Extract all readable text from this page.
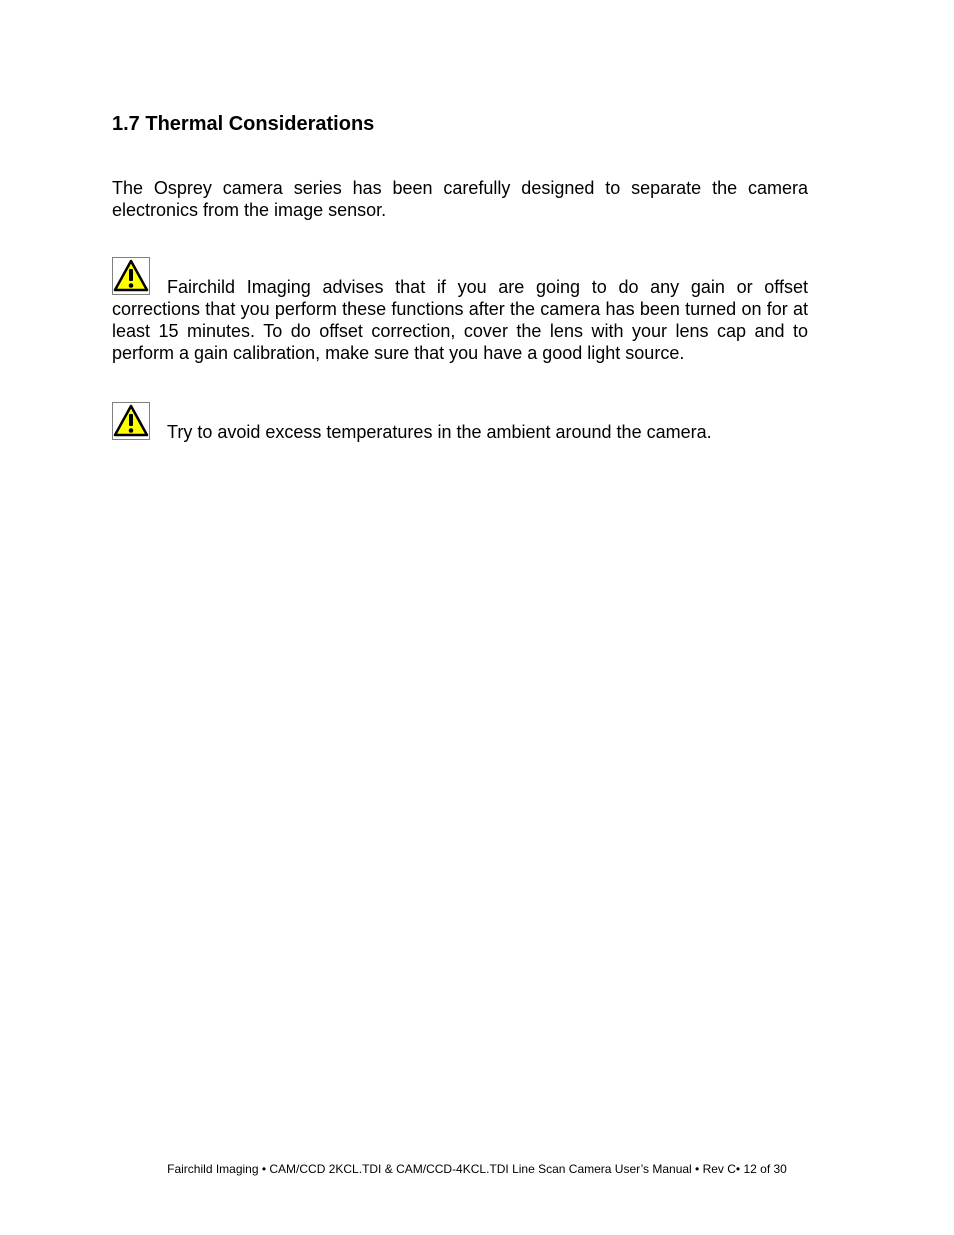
1.7 Thermal Considerations

The Osprey camera series has been carefully designed to separate the camera electronics from the image sensor.

Fairchild Imaging advises that if you are going to do any gain or offset corrections that you perform these functions after the camera has been turned on for at least 15 minutes. To do offset correction, cover the lens with your lens cap and to perform a gain calibration, make sure that you have a good light source.
Try to avoid excess temperatures in the ambient around the camera.
Fairchild Imaging • CAM/CCD 2KCL.TDI & CAM/CCD-4KCL.TDI Line Scan Camera User’s Manual • Rev C• 12 of 30
